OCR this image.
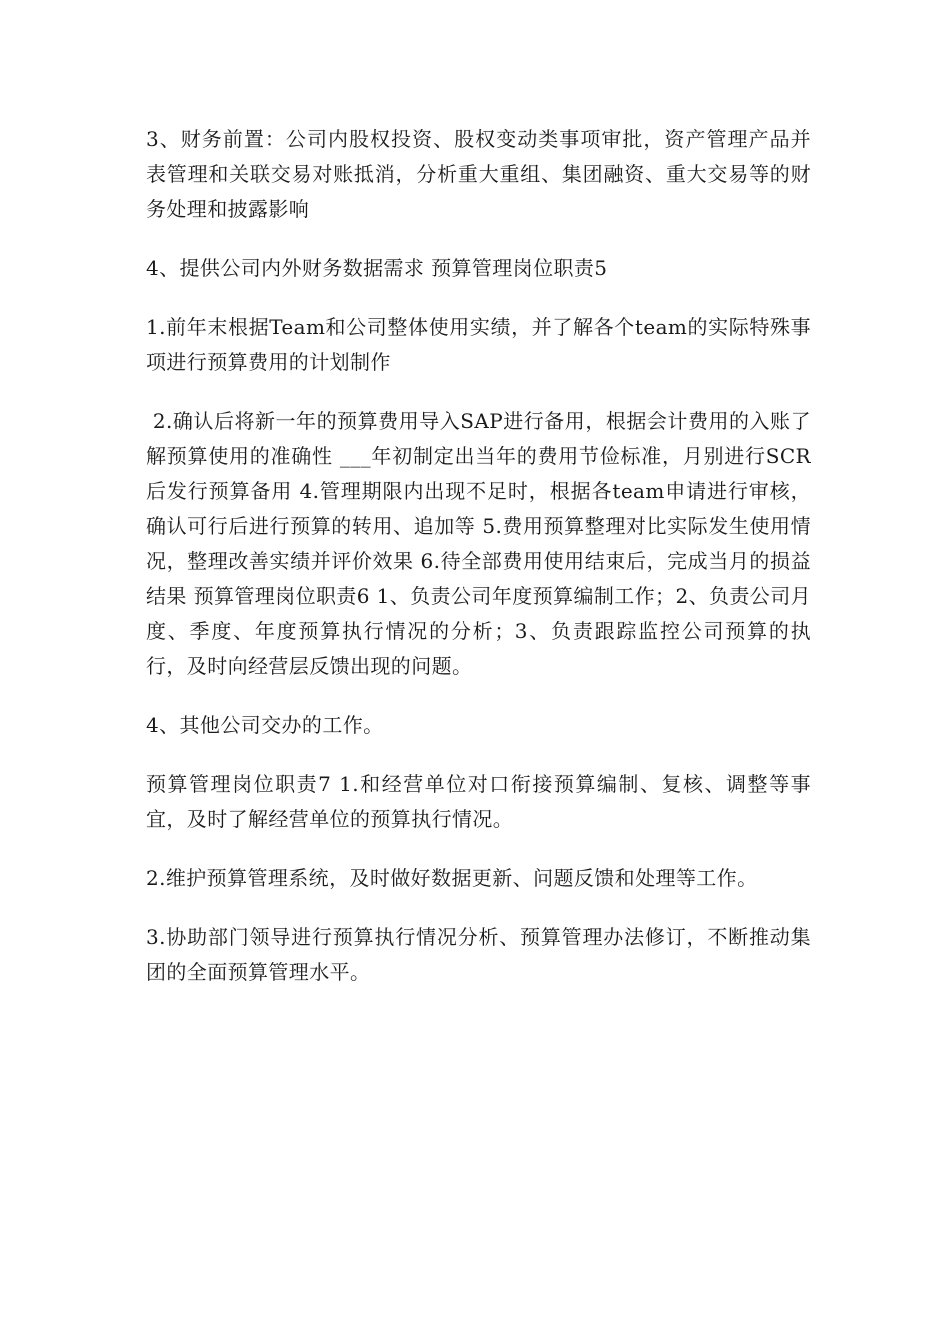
3、财务前置：公司内股权投资、股权变动类事项审批，资产管理产品并表管理和关联交易对账抵消，分析重大重组、集团融资、重大交易等的财务处理和披露影响

4、提供公司内外财务数据需求 预算管理岗位职责5

1.前年末根据Team和公司整体使用实绩，并了解各个team的实际特殊事项进行预算费用的计划制作

2.确认后将新一年的预算费用导入SAP进行备用，根据会计费用的入账了解预算使用的准确性 ___年初制定出当年的费用节俭标准，月别进行SCR后发行预算备用 4.管理期限内出现不足时，根据各team申请进行审核，确认可行后进行预算的转用、追加等 5.费用预算整理对比实际发生使用情况，整理改善实绩并评价效果 6.待全部费用使用结束后，完成当月的损益结果 预算管理岗位职责6 1、负责公司年度预算编制工作；2、负责公司月度、季度、年度预算执行情况的分析；3、负责跟踪监控公司预算的执行，及时向经营层反馈出现的问题。

4、其他公司交办的工作。

预算管理岗位职责7 1.和经营单位对口衔接预算编制、复核、调整等事宜，及时了解经营单位的预算执行情况。

2.维护预算管理系统，及时做好数据更新、问题反馈和处理等工作。

3.协助部门领导进行预算执行情况分析、预算管理办法修订，不断推动集团的全面预算管理水平。
